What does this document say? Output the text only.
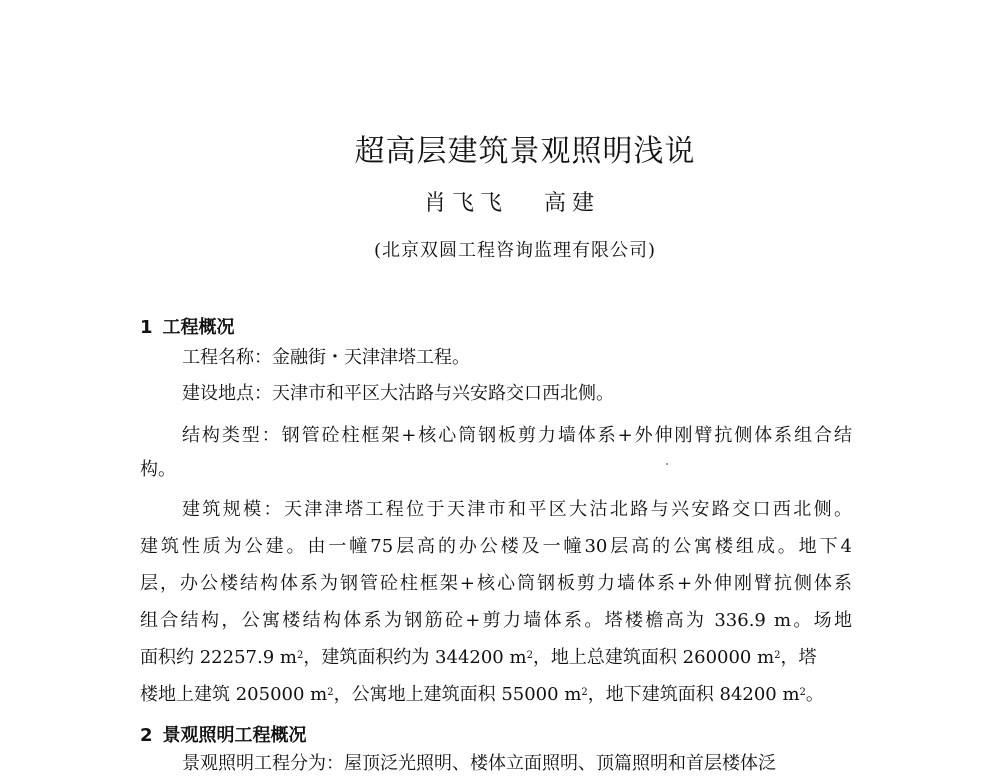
超高层建筑景观照明浅说
肖飞飞 高建
(北京双圆工程咨询监理有限公司)
1 工程概况
工程名称：金融街・天津津塔工程。
建设地点：天津市和平区大沽路与兴安路交口西北侧。
结构类型：钢管砼柱框架+核心筒钢板剪力墙体系+外伸刚臂抗侧体系组合结
构。
建筑规模：天津津塔工程位于天津市和平区大沽北路与兴安路交口西北侧。
建筑性质为公建。由一幢75层高的办公楼及一幢30层高的公寓楼组成。地下4
层，办公楼结构体系为钢管砼柱框架+核心筒钢板剪力墙体系+外伸刚臂抗侧体系
组合结构，公寓楼结构体系为钢筋砼+剪力墙体系。塔楼檐高为 336.9 m。场地
面积约 22257.9 $m^2$，建筑面积约为 344200 $m^2$，地上总建筑面积 260000 $m^2$，塔
楼地上建筑 205000 $m^2$，公寓地上建筑面积 55000 $m^2$，地下建筑面积 84200 $m^2$。
2 景观照明工程概况
景观照明工程分为：屋顶泛光照明、楼体立面照明、顶篇照明和首层楼体泛
